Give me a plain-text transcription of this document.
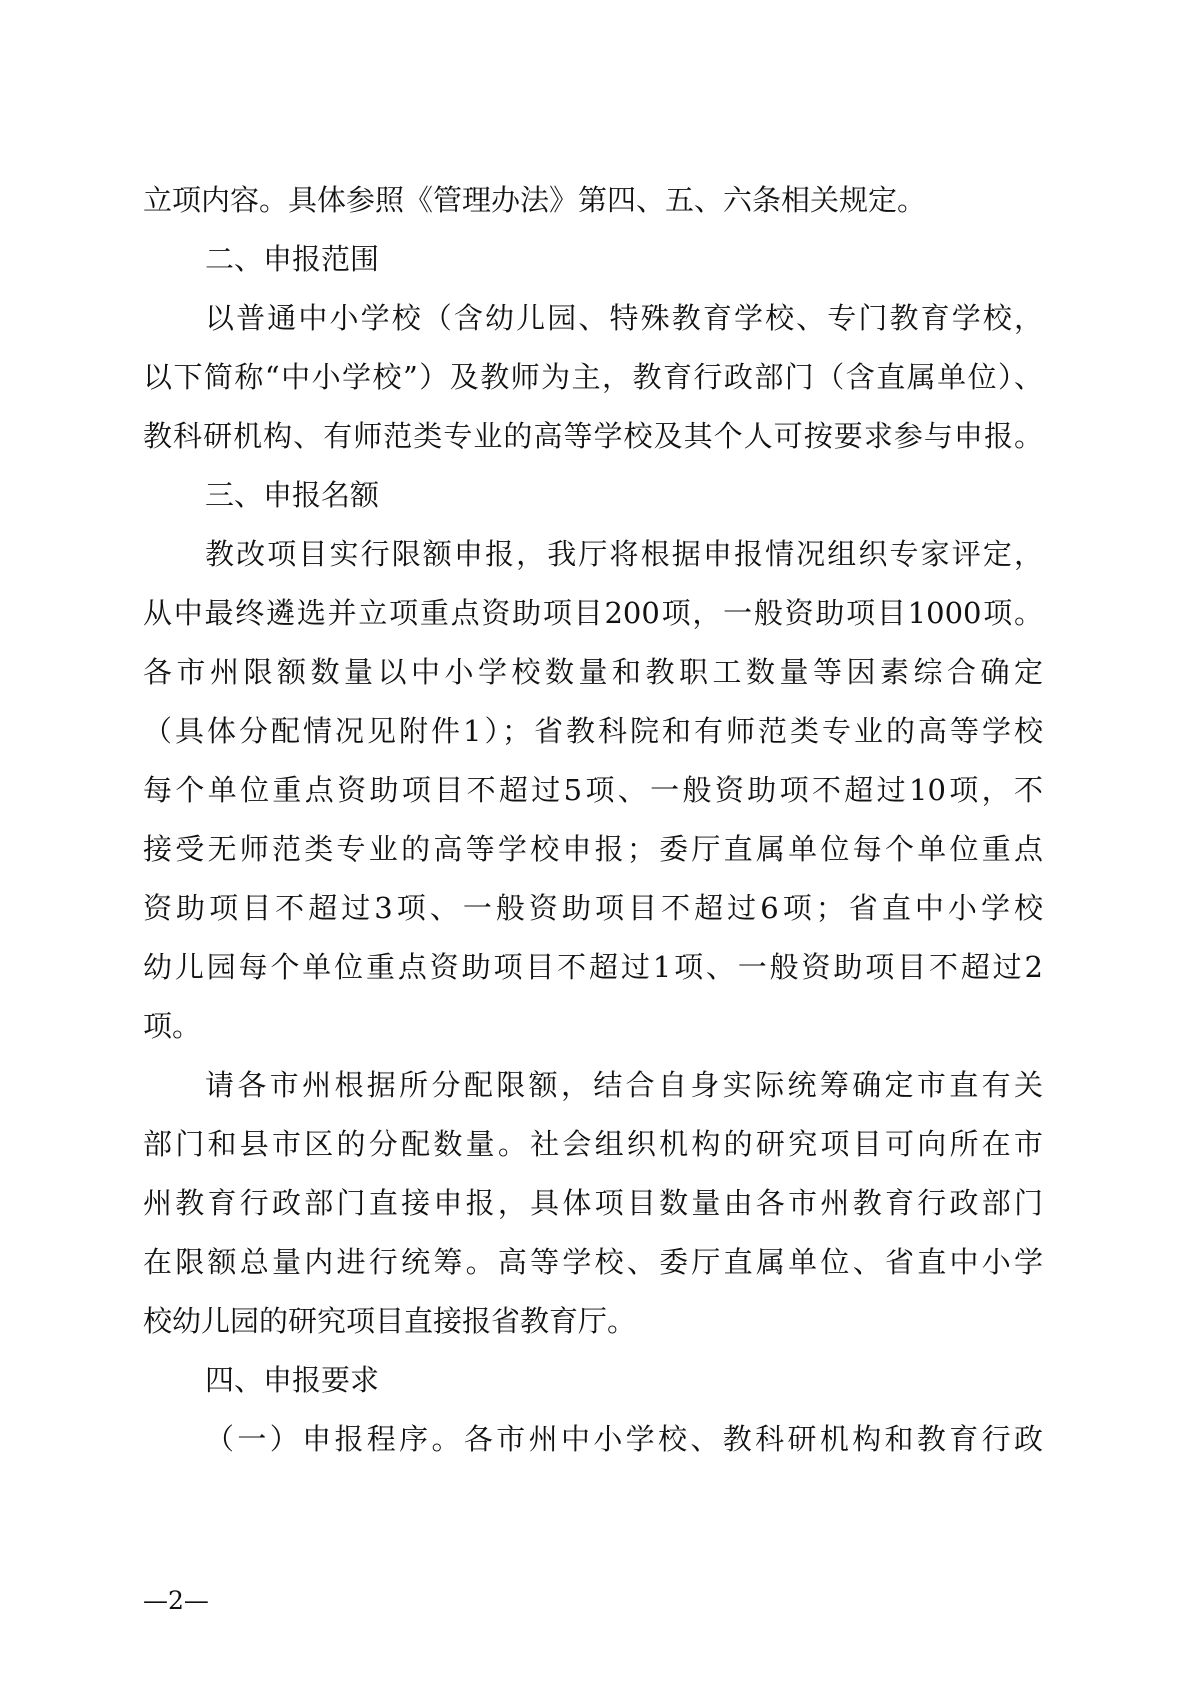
立项内容。具体参照《管理办法》第四、五、六条相关规定。
二、申报范围
以普通中小学校（含幼儿园、特殊教育学校、专门教育学校，
以下简称“中小学校”）及教师为主，教育行政部门（含直属单位）、
教科研机构、有师范类专业的高等学校及其个人可按要求参与申报。
三、申报名额
教改项目实行限额申报，我厅将根据申报情况组织专家评定，
从中最终遴选并立项重点资助项目200项，一般资助项目1000项。
各市州限额数量以中小学校数量和教职工数量等因素综合确定
（具体分配情况见附件1）；省教科院和有师范类专业的高等学校
每个单位重点资助项目不超过5项、一般资助项不超过10项，不
接受无师范类专业的高等学校申报；委厅直属单位每个单位重点
资助项目不超过3项、一般资助项目不超过6项；省直中小学校
幼儿园每个单位重点资助项目不超过1项、一般资助项目不超过2
项。
请各市州根据所分配限额，结合自身实际统筹确定市直有关
部门和县市区的分配数量。社会组织机构的研究项目可向所在市
州教育行政部门直接申报，具体项目数量由各市州教育行政部门
在限额总量内进行统筹。高等学校、委厅直属单位、省直中小学
校幼儿园的研究项目直接报省教育厅。
四、申报要求
（一）申报程序。各市州中小学校、教科研机构和教育行政
—2—
